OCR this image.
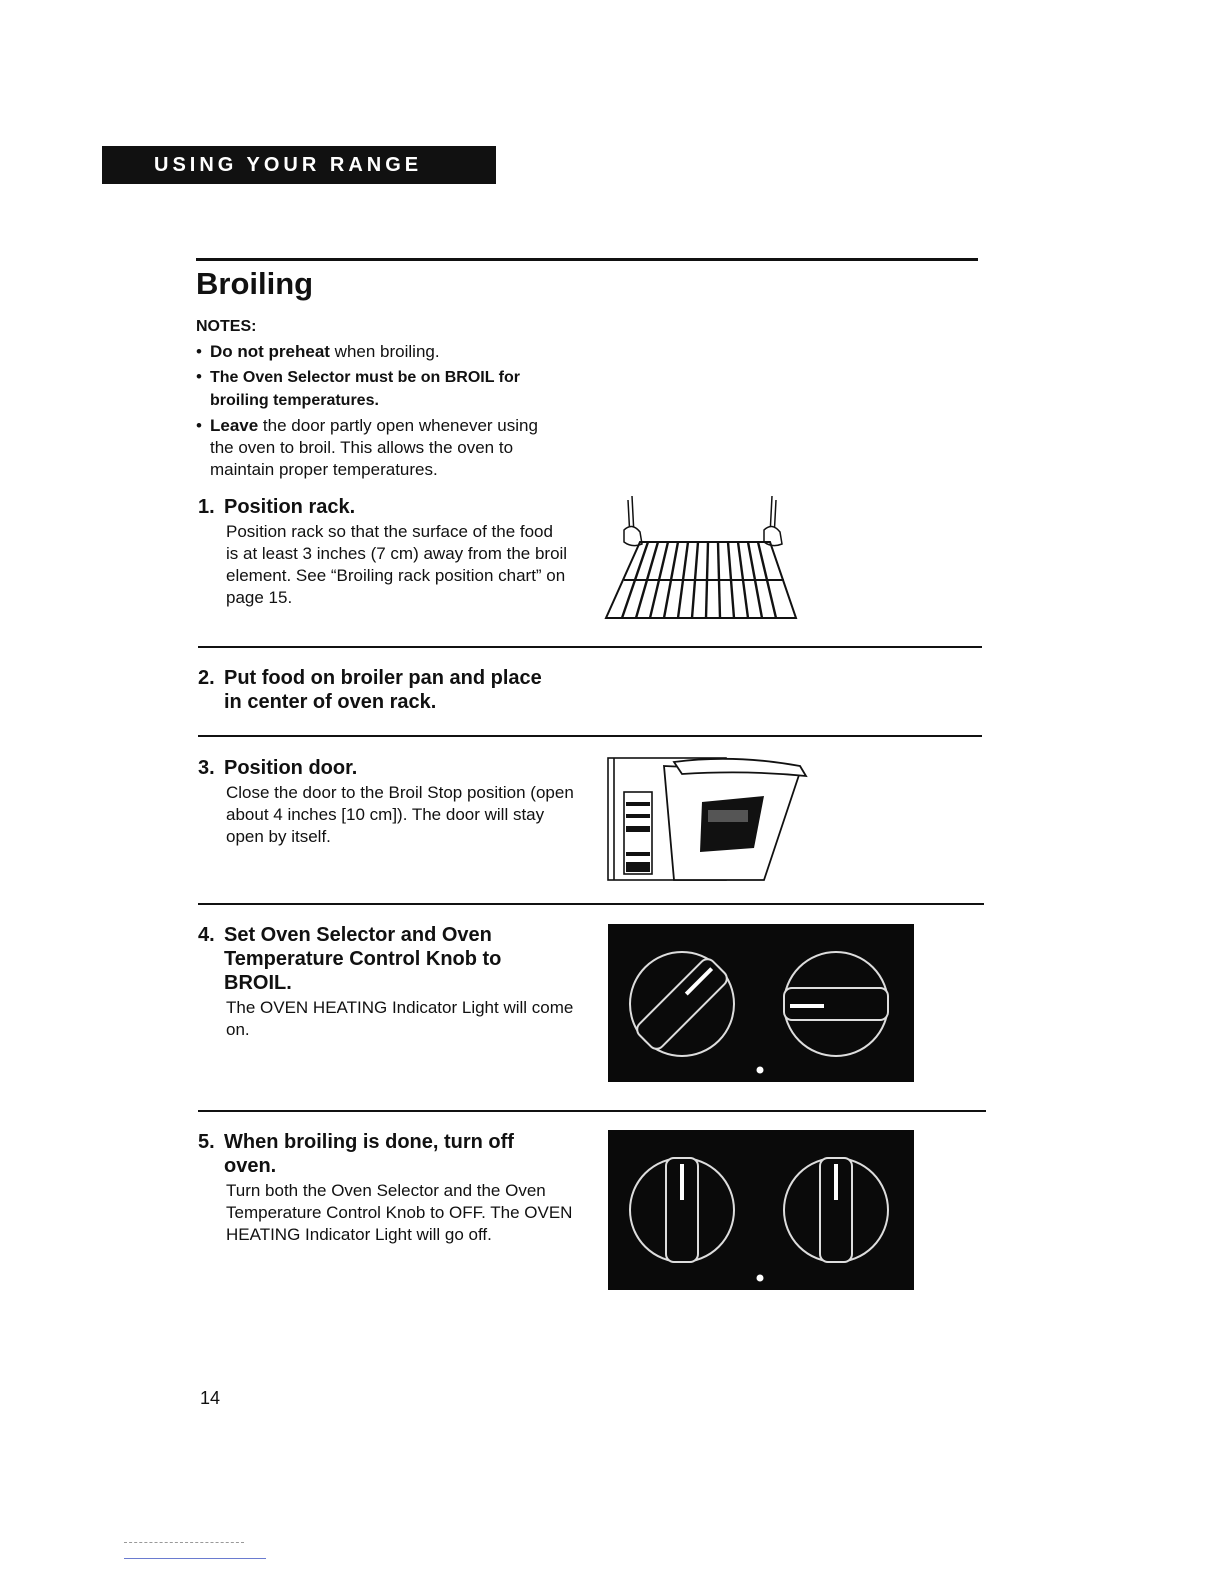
USING YOUR RANGE
Broiling
NOTES:
• Do not preheat when broiling.
• The Oven Selector must be on BROIL for broiling temperatures.
• Leave the door partly open whenever using the oven to broil. This allows the oven to maintain proper temperatures.
1. Position rack.
Position rack so that the surface of the food is at least 3 inches (7 cm) away from the broil element. See “Broiling rack position chart” on page 15.
2. Put food on broiler pan and place in center of oven rack.
3. Position door.
Close the door to the Broil Stop position (open about 4 inches [10 cm]). The door will stay open by itself.
4. Set Oven Selector and Oven Temperature Control Knob to BROIL.
The OVEN HEATING Indicator Light will come on.
5. When broiling is done, turn off oven.
Turn both the Oven Selector and the Oven Temperature Control Knob to OFF. The OVEN HEATING Indicator Light will go off.
14
